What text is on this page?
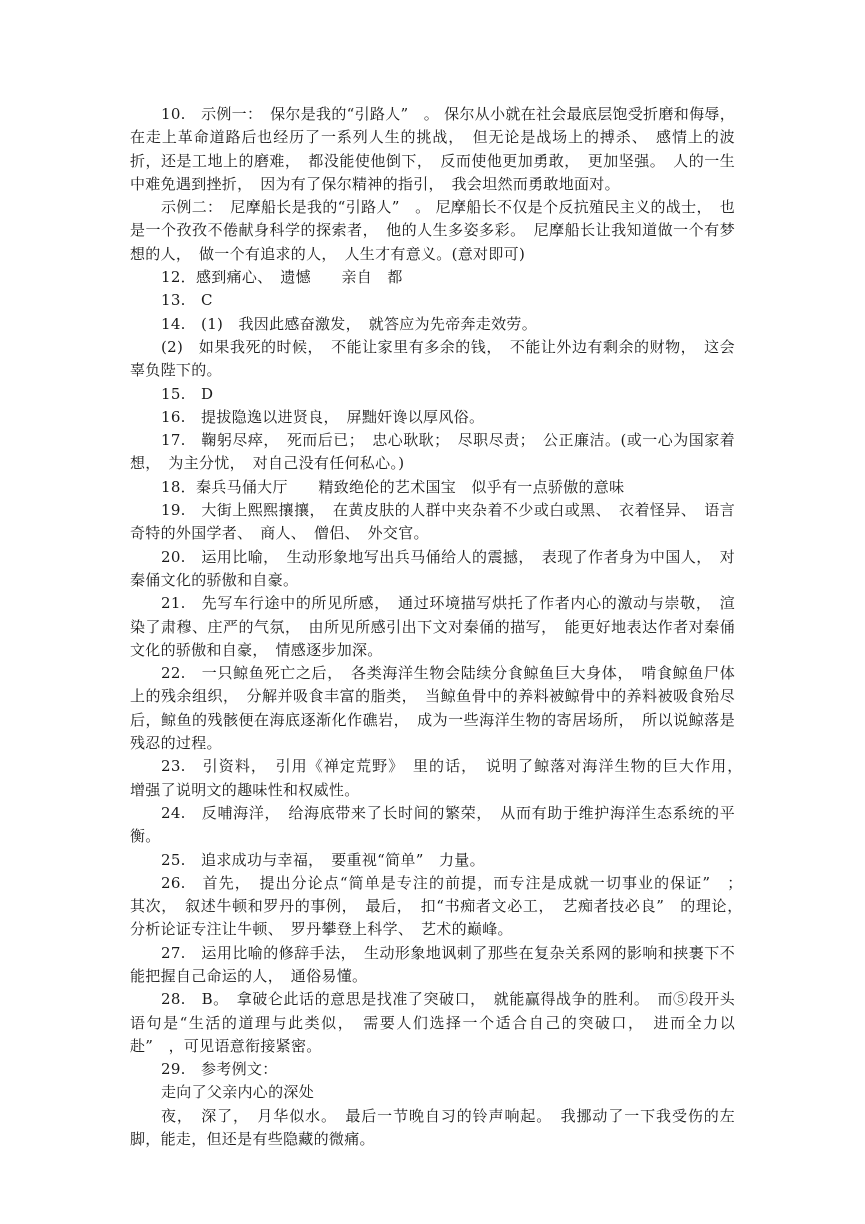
10.　示例一：　保尔是我的“引路人”　。 保尔从小就在社会最底层饱受折磨和侮辱，在走上革命道路后也经历了一系列人生的挑战，　但无论是战场上的搏杀、　感情上的波折，还是工地上的磨难，　都没能使他倒下，　反而使他更加勇敢，　更加坚强。　人的一生中难免遇到挫折，　因为有了保尔精神的指引，　我会坦然而勇敢地面对。

示例二：　尼摩船长是我的“引路人”　。 尼摩船长不仅是个反抗殖民主义的战士，　也是一个孜孜不倦献身科学的探索者，　他的人生多姿多彩。　尼摩船长让我知道做一个有梦想的人，　做一个有追求的人，　人生才有意义。(意对即可)

12．感到痛心、　遗憾　　亲自　都

13.　C

14.　(1)　我因此感奋激发，　就答应为先帝奔走效劳。

(2)　如果我死的时候，　不能让家里有多余的钱，　不能让外边有剩余的财物，　这会辜负陛下的。

15.　D

16.　提拔隐逸以进贤良，　屏黜奸谗以厚风俗。

17.　鞠躬尽瘁，　死而后已；　忠心耿耿；　尽职尽责；　公正廉洁。(或一心为国家着想，　为主分忧，　对自己没有任何私心。)

18．秦兵马俑大厅　　精致绝伦的艺术国宝　似乎有一点骄傲的意味

19.　大街上熙熙攘攘，　在黄皮肤的人群中夹杂着不少或白或黑、　衣着怪异、　语言奇特的外国学者、　商人、　僧侣、　外交官。

20.　运用比喻，　生动形象地写出兵马俑给人的震撼，　表现了作者身为中国人，　对秦俑文化的骄傲和自豪。

21.　先写车行途中的所见所感，　通过环境描写烘托了作者内心的激动与崇敬，　渲染了肃穆、庄严的气氛，　由所见所感引出下文对秦俑的描写，　能更好地表达作者对秦俑文化的骄傲和自豪，　情感逐步加深。

22.　一只鲸鱼死亡之后，　各类海洋生物会陆续分食鲸鱼巨大身体，　啃食鲸鱼尸体上的残余组织，　分解并吸食丰富的脂类，　当鲸鱼骨中的养料被鲸骨中的养料被吸食殆尽后，鲸鱼的残骸便在海底逐渐化作礁岩，　成为一些海洋生物的寄居场所，　所以说鲸落是残忍的过程。

23.　引资料，　引用《禅定荒野》　里的话，　说明了鲸落对海洋生物的巨大作用，　增强了说明文的趣味性和权威性。

24.　反哺海洋，　给海底带来了长时间的繁荣，　从而有助于维护海洋生态系统的平衡。

25.　追求成功与幸福，　要重视“简单”　力量。

26.　首先，　提出分论点“简单是专注的前提，而专注是成就一切事业的保证”　；　其次，　叙述牛顿和罗丹的事例，　最后，　扣“书痴者文必工，　艺痴者技必良”　的理论，　分析论证专注让牛顿、　罗丹攀登上科学、　艺术的巅峰。

27.　运用比喻的修辞手法，　生动形象地讽刺了那些在复杂关系网的影响和挟裹下不能把握自己命运的人，　通俗易懂。

28.　B。　拿破仑此话的意思是找准了突破口，　就能赢得战争的胜利。　而⑤段开头语句是“生活的道理与此类似，　需要人们选择一个适合自己的突破口，　进而全力以赴”　，可见语意衔接紧密。

29.　参考例文：

走向了父亲内心的深处

夜，　深了，　月华似水。　最后一节晚自习的铃声响起。　我挪动了一下我受伤的左脚，能走，但还是有些隐藏的微痛。
